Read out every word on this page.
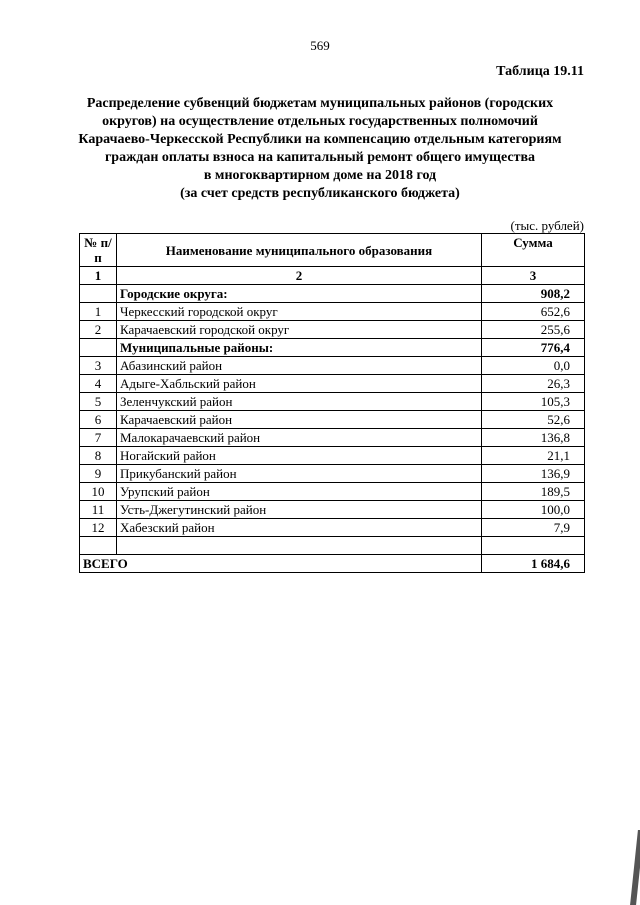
569
Таблица 19.11
Распределение субвенций бюджетам муниципальных районов (городских
округов) на осуществление отдельных государственных полномочий
Карачаево-Черкесской Республики на компенсацию отдельным категориям
граждан оплаты взноса на капитальный ремонт общего имущества
в многоквартирном доме на 2018 год
(за счет средств республиканского бюджета)
(тыс. рублей)
№ п/п	Наименование муниципального образования	Сумма
1	2	3
	Городские округа:	908,2
1	Черкесский городской округ	652,6
2	Карачаевский городской округ	255,6
	Муниципальные районы:	776,4
3	Абазинский район	0,0
4	Адыге-Хабльский район	26,3
5	Зеленчукский район	105,3
6	Карачаевский район	52,6
7	Малокарачаевский район	136,8
8	Ногайский район	21,1
9	Прикубанский район	136,9
10	Урупский район	189,5
11	Усть-Джегутинский район	100,0
12	Хабезский район	7,9

ВСЕГО		1 684,6
